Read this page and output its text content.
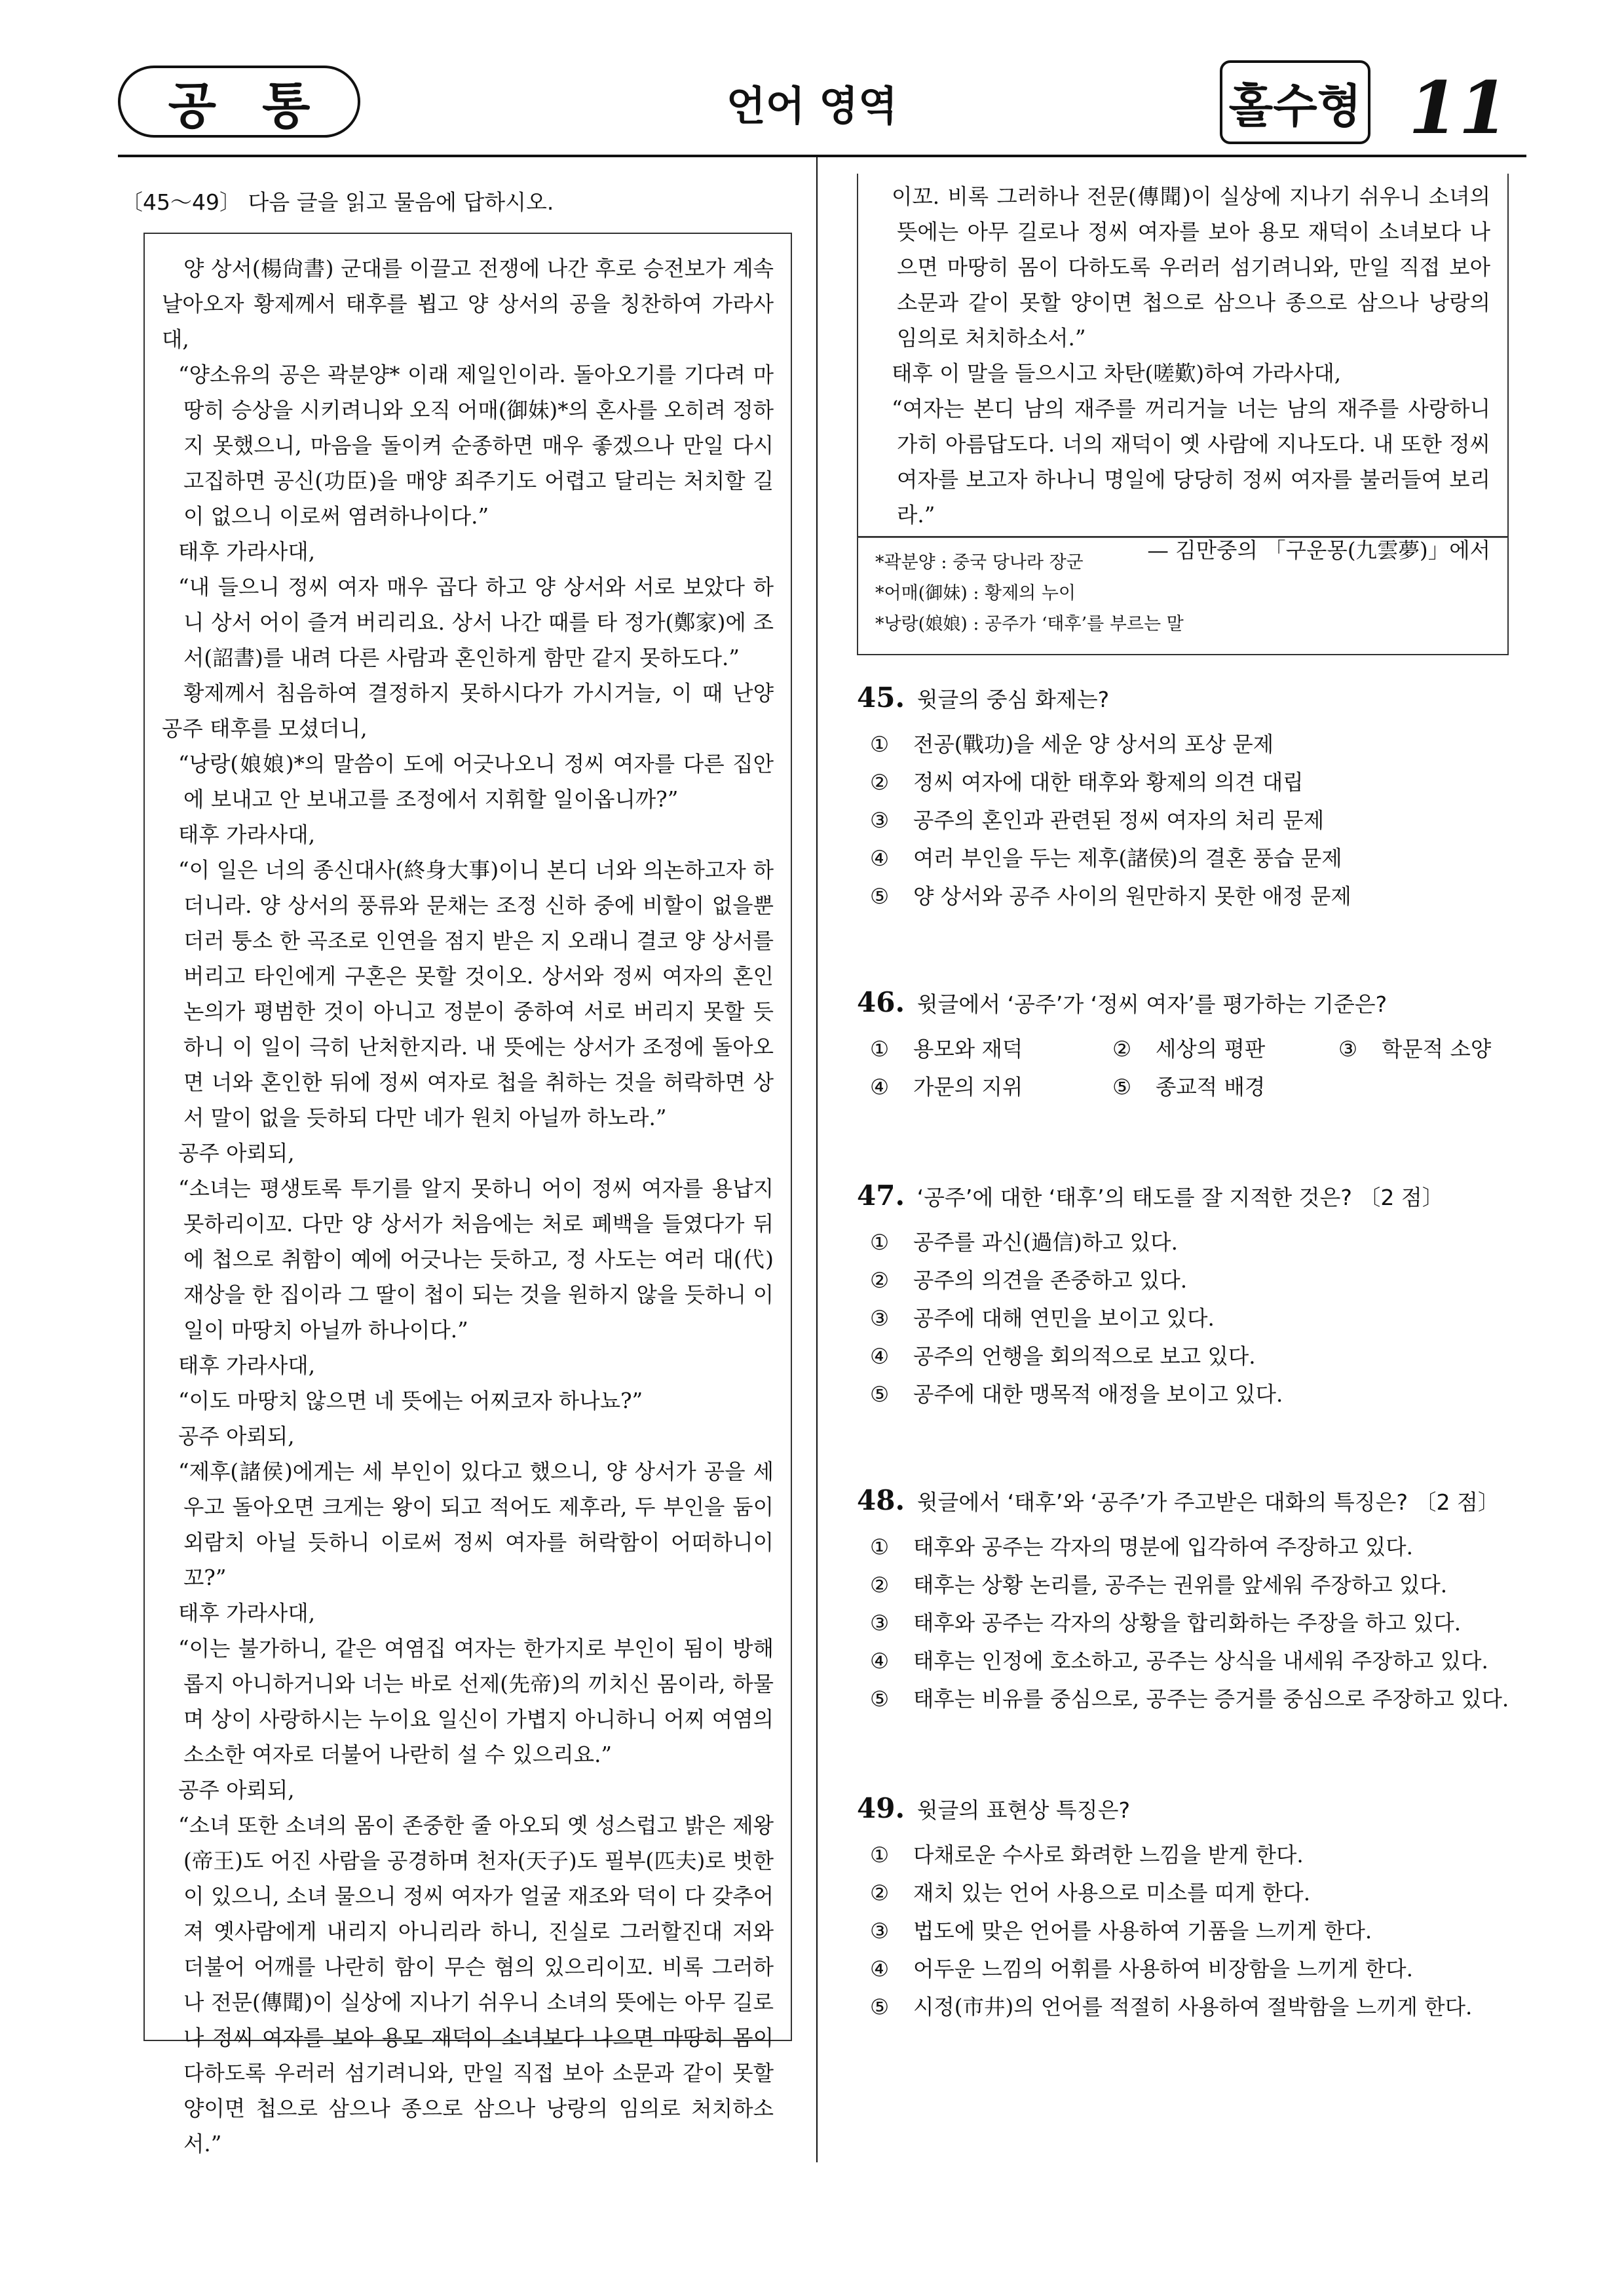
공통	언어 영역	홀수형 11
〔45～49〕 다음 글을 읽고 물음에 답하시오.

양 상서(楊尙書) 군대를 이끌고 전쟁에 나간 후로 승전보가 계속 날아오자 황제께서 태후를 뵙고 양 상서의 공을 칭찬하여 가라사대,

“양소유의 공은 곽분양* 이래 제일인이라. 돌아오기를 기다려 마땅히 승상을 시키려니와 오직 어매(御妹)*의 혼사를 오히려 정하지 못했으니, 마음을 돌이켜 순종하면 매우 좋겠으나 만일 다시 고집하면 공신(功臣)을 매양 죄주기도 어렵고 달리는 처치할 길이 없으니 이로써 염려하나이다.”

태후 가라사대,

“내 들으니 정씨 여자 매우 곱다 하고 양 상서와 서로 보았다 하니 상서 어이 즐겨 버리리요. 상서 나간 때를 타 정가(鄭家)에 조서(詔書)를 내려 다른 사람과 혼인하게 함만 같지 못하도다.”

황제께서 침음하여 결정하지 못하시다가 가시거늘, 이 때 난양 공주 태후를 모셨더니,

“낭랑(娘娘)*의 말씀이 도에 어긋나오니 정씨 여자를 다른 집안에 보내고 안 보내고를 조정에서 지휘할 일이옵니까?”

태후 가라사대,

“이 일은 너의 종신대사(終身大事)이니 본디 너와 의논하고자 하더니라. 양 상서의 풍류와 문채는 조정 신하 중에 비할이 없을뿐더러 퉁소 한 곡조로 인연을 점지 받은 지 오래니 결코 양 상서를 버리고 타인에게 구혼은 못할 것이오. 상서와 정씨 여자의 혼인 논의가 평범한 것이 아니고 정분이 중하여 서로 버리지 못할 듯하니 이 일이 극히 난처한지라. 내 뜻에는 상서가 조정에 돌아오면 너와 혼인한 뒤에 정씨 여자로 첩을 취하는 것을 허락하면 상서 말이 없을 듯하되 다만 네가 원치 아닐까 하노라.”

공주 아뢰되,

“소녀는 평생토록 투기를 알지 못하니 어이 정씨 여자를 용납지 못하리이꼬. 다만 양 상서가 처음에는 처로 폐백을 들였다가 뒤에 첩으로 취함이 예에 어긋나는 듯하고, 정 사도는 여러 대(代) 재상을 한 집이라 그 딸이 첩이 되는 것을 원하지 않을 듯하니 이 일이 마땅치 아닐까 하나이다.”

태후 가라사대,

“이도 마땅치 않으면 네 뜻에는 어찌코자 하나뇨?”

공주 아뢰되,

“제후(諸侯)에게는 세 부인이 있다고 했으니, 양 상서가 공을 세우고 돌아오면 크게는 왕이 되고 적어도 제후라, 두 부인을 둠이 외람치 아닐 듯하니 이로써 정씨 여자를 허락함이 어떠하니이꼬?”

태후 가라사대,

“이는 불가하니, 같은 여염집 여자는 한가지로 부인이 됨이 방해롭지 아니하거니와 너는 바로 선제(先帝)의 끼치신 몸이라, 하물며 상이 사랑하시는 누이요 일신이 가볍지 아니하니 어찌 여염의 소소한 여자로 더불어 나란히 설 수 있으리요.”

공주 아뢰되,

“소녀 또한 소녀의 몸이 존중한 줄 아오되 옛 성스럽고 밝은 제왕(帝王)도 어진 사람을 공경하며 천자(天子)도 필부(匹夫)로 벗한 이 있으니, 소녀 물으니 정씨 여자가 얼굴 재조와 덕이 다 갖추어져 옛사람에게 내리지 아니리라 하니, 진실로 그러할진대 저와 더불어 어깨를 나란히 함이 무슨 혐의 있으리이꼬. 비록 그러하나 전문(傳聞)이 실상에 지나기 쉬우니 소녀의 뜻에는 아무 길로나 정씨 여자를 보아 용모 재덕이 소녀보다 나으면 마땅히 몸이 다하도록 우러러 섬기려니와, 만일 직접 보아 소문과 같이 못할 양이면 첩으로 삼으나 종으로 삼으나 낭랑의 임의로 처치하소서.”

이꼬. 비록 그러하나 전문(傳聞)이 실상에 지나기 쉬우니 소녀의 뜻에는 아무 길로나 정씨 여자를 보아 용모 재덕이 소녀보다 나으면 마땅히 몸이 다하도록 우러러 섬기려니와, 만일 직접 보아 소문과 같이 못할 양이면 첩으로 삼으나 종으로 삼으나 낭랑의 임의로 처치하소서.”

태후 이 말을 들으시고 차탄(嗟歎)하여 가라사대,

“여자는 본디 남의 재주를 꺼리거늘 너는 남의 재주를 사랑하니 가히 아름답도다. 너의 재덕이 옛 사람에 지나도다. 내 또한 정씨 여자를 보고자 하나니 명일에 당당히 정씨 여자를 불러들여 보리라.”

— 김만중의 「구운몽(九雲夢)」에서

*곽분양 : 중국 당나라 장군
*어매(御妹) : 황제의 누이
*낭랑(娘娘) : 공주가 ‘태후’를 부르는 말
45. 윗글의 중심 화제는?
① 전공(戰功)을 세운 양 상서의 포상 문제
② 정씨 여자에 대한 태후와 황제의 의견 대립
③ 공주의 혼인과 관련된 정씨 여자의 처리 문제
④ 여러 부인을 두는 제후(諸侯)의 결혼 풍습 문제
⑤ 양 상서와 공주 사이의 원만하지 못한 애정 문제
46. 윗글에서 ‘공주’가 ‘정씨 여자’를 평가하는 기준은?
① 용모와 재덕	② 세상의 평판	③ 학문적 소양
④ 가문의 지위	⑤ 종교적 배경
47. ‘공주’에 대한 ‘태후’의 태도를 잘 지적한 것은? 〔2 점〕
① 공주를 과신(過信)하고 있다.
② 공주의 의견을 존중하고 있다.
③ 공주에 대해 연민을 보이고 있다.
④ 공주의 언행을 회의적으로 보고 있다.
⑤ 공주에 대한 맹목적 애정을 보이고 있다.
48. 윗글에서 ‘태후’와 ‘공주’가 주고받은 대화의 특징은? 〔2 점〕
① 태후와 공주는 각자의 명분에 입각하여 주장하고 있다.
② 태후는 상황 논리를, 공주는 권위를 앞세워 주장하고 있다.
③ 태후와 공주는 각자의 상황을 합리화하는 주장을 하고 있다.
④ 태후는 인정에 호소하고, 공주는 상식을 내세워 주장하고 있다.
⑤ 태후는 비유를 중심으로, 공주는 증거를 중심으로 주장하고 있다.
49. 윗글의 표현상 특징은?
① 다채로운 수사로 화려한 느낌을 받게 한다.
② 재치 있는 언어 사용으로 미소를 띠게 한다.
③ 법도에 맞은 언어를 사용하여 기품을 느끼게 한다.
④ 어두운 느낌의 어휘를 사용하여 비장함을 느끼게 한다.
⑤ 시정(市井)의 언어를 적절히 사용하여 절박함을 느끼게 한다.
